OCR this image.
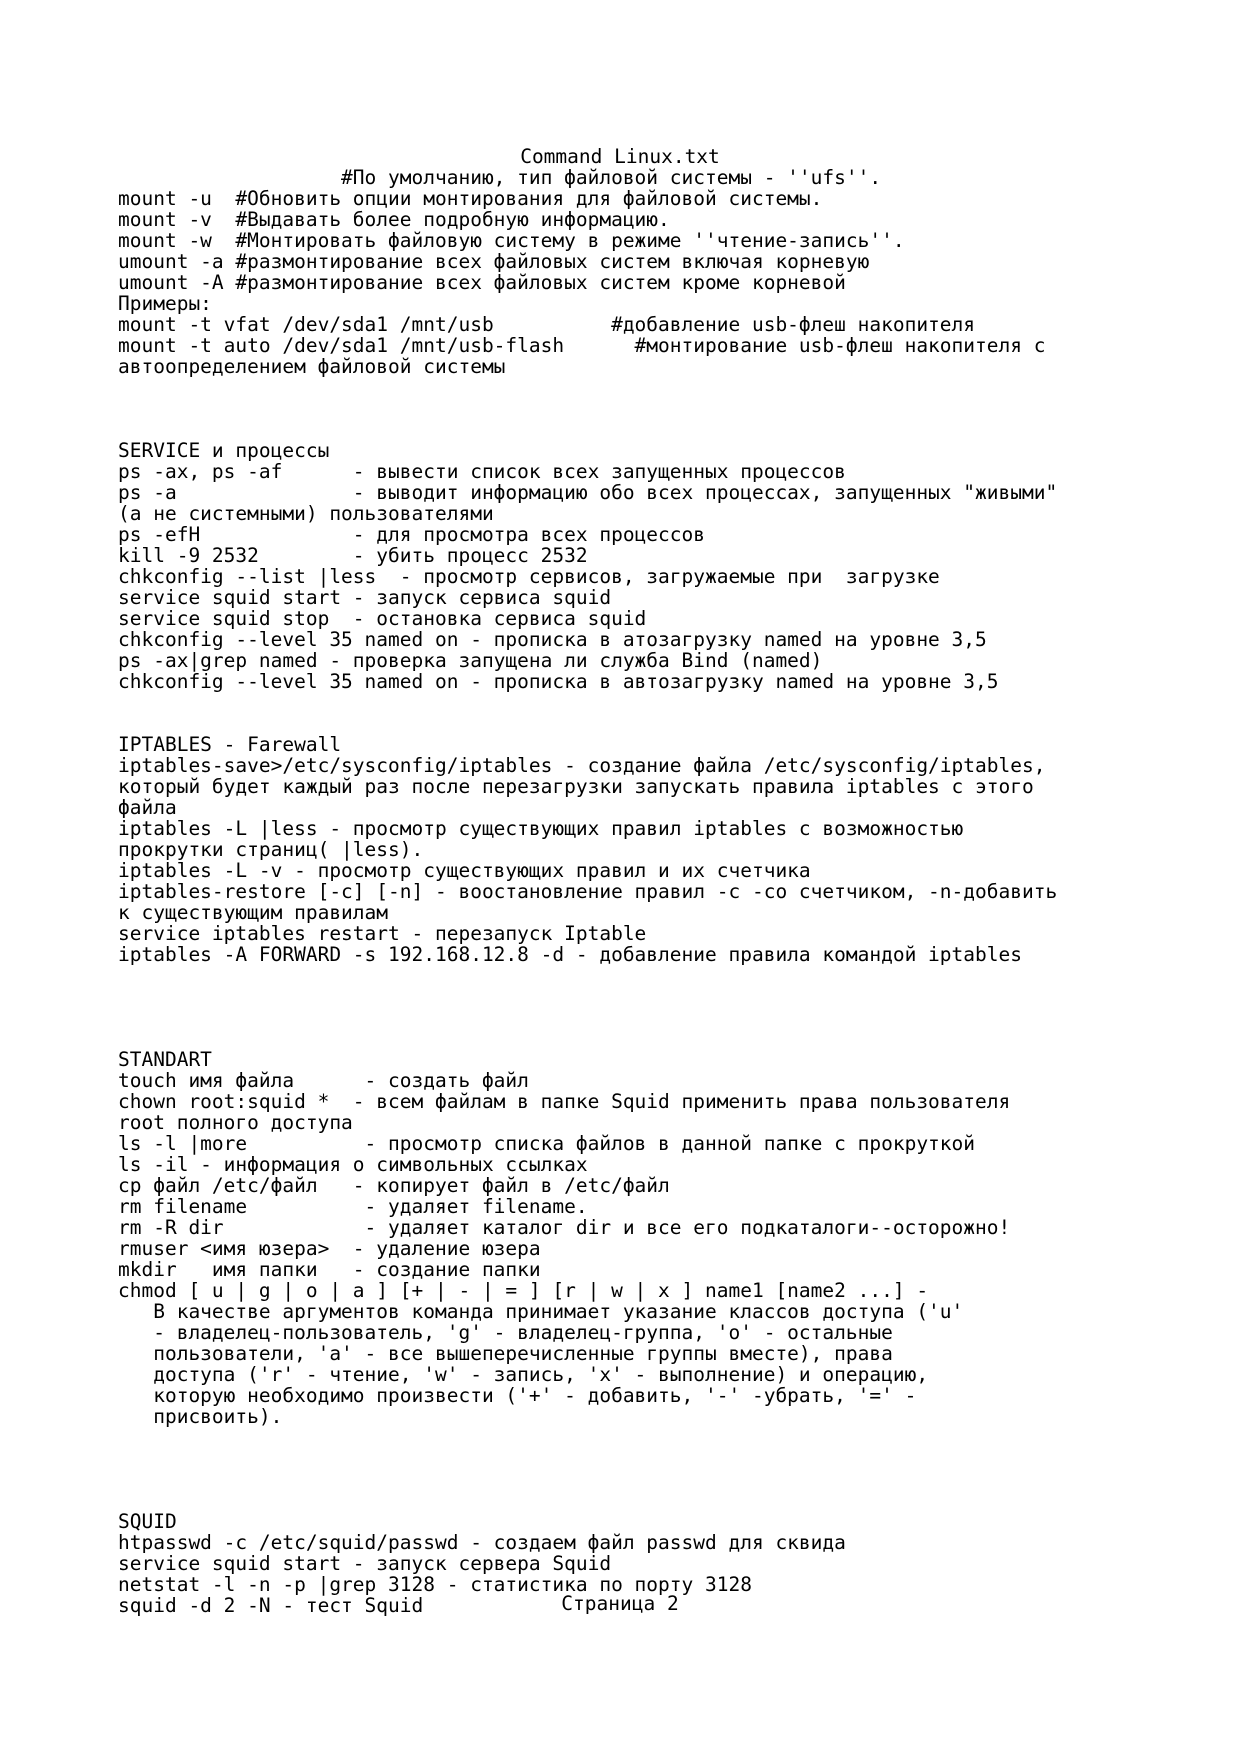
Command Linux.txt
#По умолчанию, тип файловой системы - ''ufs''.
mount -u  #Обновить опции монтирования для файловой системы.
mount -v  #Выдавать более подробную информацию.
mount -w  #Монтировать файловую систему в режиме ''чтение-запись''.
umount -a #размонтирование всех файловых систем включая корневую
umount -A #размонтирование всех файловых систем кроме корневой
Примеры:
mount -t vfat /dev/sda1 /mnt/usb          #добавление usb-флеш накопителя
mount -t auto /dev/sda1 /mnt/usb-flash      #монтирование usb-флеш накопителя с
автоопределением файловой системы
SERVICE и процессы
ps -ax, ps -af      - вывести список всех запущенных процессов
ps -a               - выводит информацию обо всех процессах, запущенных "живыми"
(а не системными) пользователями
ps -efH             - для просмотра всех процессов
kill -9 2532        - убить процесс 2532
chkconfig --list |less  - просмотр сервисов, загружаемые при  загрузке
service squid start - запуск сервиса squid
service squid stop  - остановка сервиса squid
chkconfig --level 35 named on - прописка в атозагрузку named на уровне 3,5
ps -ax|grep named - проверка запущена ли служба Bind (named)
chkconfig --level 35 named on - прописка в автозагрузку named на уровне 3,5
IPTABLES - Farewall
iptables-save>/etc/sysconfig/iptables - создание файла /etc/sysconfig/iptables,
который будет каждый раз после перезагрузки запускать правила iptables с этого
файла
iptables -L |less - просмотр существующих правил iptables с возможностью
прокрутки страниц( |less).
iptables -L -v - просмотр существующих правил и их счетчика
iptables-restore [-c] [-n] - воостановление правил -c -со счетчиком, -n-добавить
к существующим правилам
service iptables restart - перезапуск Iptable
iptables -A FORWARD -s 192.168.12.8 -d - добавление правила командой iptables
STANDART
touch имя файла      - создать файл
chown root:squid *  - всем файлам в папке Squid применить права пользователя
root полного доступа
ls -l |more          - просмотр списка файлов в данной папке с прокруткой
ls -il - информация о символьных ссылках
cp файл /etc/файл   - копирует файл в /etc/файл
rm filename          - удаляет filename.
rm -R dir            - удаляет каталог dir и все его подкаталоги--осторожно!
rmuser <имя юзера>  - удаление юзера
mkdir   имя папки   - создание папки
chmod [ u | g | o | a ] [+ | - | = ] [r | w | x ] name1 [name2 ...] -
В качестве аргументов команда принимает указание классов доступа ('u'
- владелец-пользователь, 'g' - владелец-группа, 'o' - остальные
пользователи, 'a' - все вышеперечисленные группы вместе), права
доступа ('r' - чтение, 'w' - запись, 'x' - выполнение) и операцию,
которую необходимо произвести ('+' - добавить, '-' -убрать, '=' -
присвоить).
SQUID
htpasswd -c /etc/squid/passwd - создаем файл passwd для сквида
service squid start - запуск сервера Squid
netstat -l -n -p |grep 3128 - статистика по порту 3128
squid -d 2 -N - тест Squid	Страница 2
